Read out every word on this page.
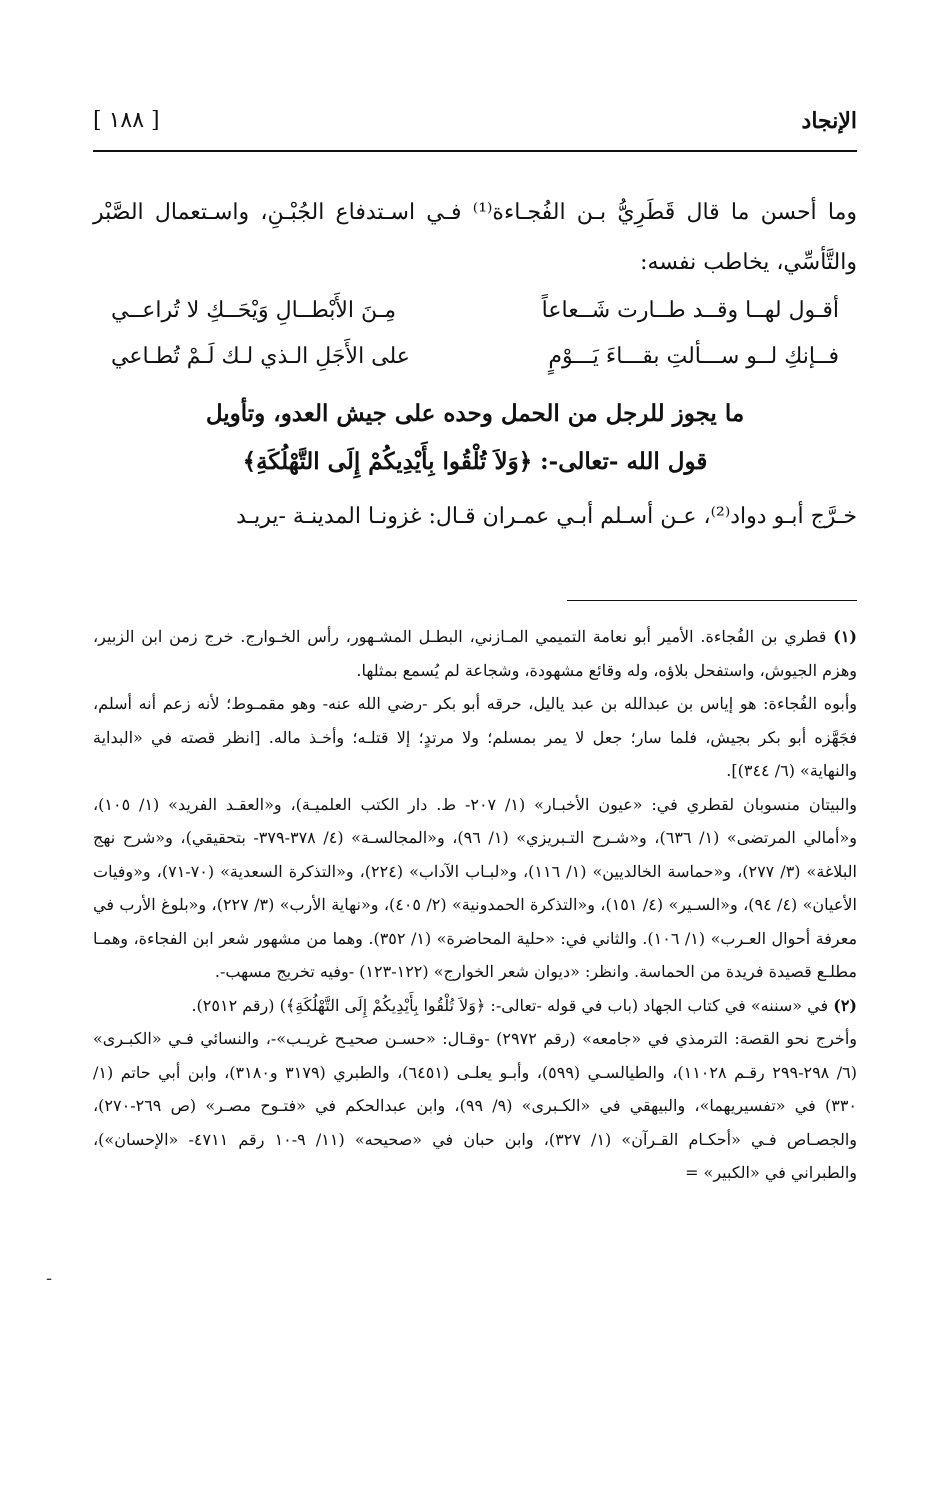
الإنجاد
[ ١٨٨ ]

وما أحسن ما قال قَطَرِيُّ بـن الفُجـاءة⁽¹⁾ فـي اسـتدفاع الجُبْـنِ، واسـتعمال الصَّبْر والتَّأسِّي، يخاطب نفسه:

أقـول لهــا وقــد طــارت شَــعاعاً
مِـنَ الأَبْطــالِ وَيْحَــكِ لا تُراعــي
فــإنكِ لــو ســـألتِ بقـــاءَ يَـــوْمٍ
على الأَجَلِ الـذي لـك لَـمْ تُطـاعي
ما يجوز للرجل من الحمل وحده على جيش العدو، وتأويل
قول الله -تعالى-: ﴿وَلاَ تُلْقُوا بِأَيْدِيكُمْ إِلَى التَّهْلُكَةِ﴾

خـرَّج أبـو دواد⁽²⁾، عـن أسـلم أبـي عمـران قـال: غزونـا المدينـة -يريـد

(١) قطري بن الفُجاءة. الأمير أبو نعامة التميمي المـازني، البطـل المشـهور، رأس الخـوارج. خرج زمن ابن الزبير، وهزم الجيوش، واستفحل بلاؤه، وله وقائع مشهودة، وشجاعة لم يُسمع بمثلها.

وأبوه الفُجاءة: هو إياس بن عبدالله بن عبد ياليل، حرقه أبو بكر -رضي الله عنه- وهو مقمـوط؛ لأنه زعم أنه أسلم، فجَهَّزه أبو بكر بجيش، فلما سار؛ جعل لا يمر بمسلم؛ ولا مرتدٍ؛ إلا قتلـه؛ وأخـذ ماله. [انظر قصته في «البداية والنهاية» (٦/ ٣٤٤)].

والبيتان منسوبان لقطري في: «عيون الأخبـار» (١/ ٢٠٧- ط. دار الكتب العلميـة)، و«العقـد الفريد» (١/ ١٠٥)، و«أمالي المرتضى» (١/ ٦٣٦)، و«شـرح التـبريزي» (١/ ٩٦)، و«المجالسـة» (٤/ ٣٧٨-٣٧٩- بتحقيقي)، و«شرح نهج البلاغة» (٣/ ٢٧٧)، و«حماسة الخالديين» (١/ ١١٦)، و«لبـاب الآداب» (٢٢٤)، و«التذكرة السعدية» (٧٠-٧١)، و«وفيات الأعيان» (٤/ ٩٤)، و«السـير» (٤/ ١٥١)، و«التذكرة الحمدونية» (٢/ ٤٠٥)، و«نهاية الأرب» (٣/ ٢٢٧)، و«بلوغ الأرب في معرفة أحوال العـرب» (١/ ١٠٦). والثاني في: «حلية المحاضرة» (١/ ٣٥٢). وهما من مشهور شعر ابن الفجاءة، وهمـا مطلـع قصيدة فريدة من الحماسة. وانظر: «ديوان شعر الخوارج» (١٢٢-١٢٣) -وفيه تخريج مسهب-.

(٢) في «سننه» في كتاب الجهاد (باب في قوله -تعالى-: ﴿وَلاَ تُلْقُوا بِأَيْدِيكُمْ إِلَى التَّهْلُكَةِ﴾) (رقم ٢٥١٢).

وأخرج نحو القصة: الترمذي في «جامعه» (رقم ٢٩٧٢) -وقـال: «حسـن صحيـح غريـب»-، والنسائي فـي «الكبـرى» (٦/ ٢٩٨-٢٩٩ رقـم ١١٠٢٨)، والطيالسـي (٥٩٩)، وأبـو يعلـى (٦٤٥١)، والطبري (٣١٧٩ و٣١٨٠)، وابن أبي حاتم (١/ ٣٣٠) في «تفسيريهما»، والبيهقي في «الكـبرى» (٩/ ٩٩)، وابن عبدالحكم في «فتـوح مصـر» (ص ٢٦٩-٢٧٠)، والجصـاص فـي «أحكـام القـرآن» (١/ ٣٢٧)، وابن حبان في «صحيحه» (١١/ ٩-١٠ رقم ٤٧١١- «الإحسان»)، والطبراني في «الكبير» =

-
